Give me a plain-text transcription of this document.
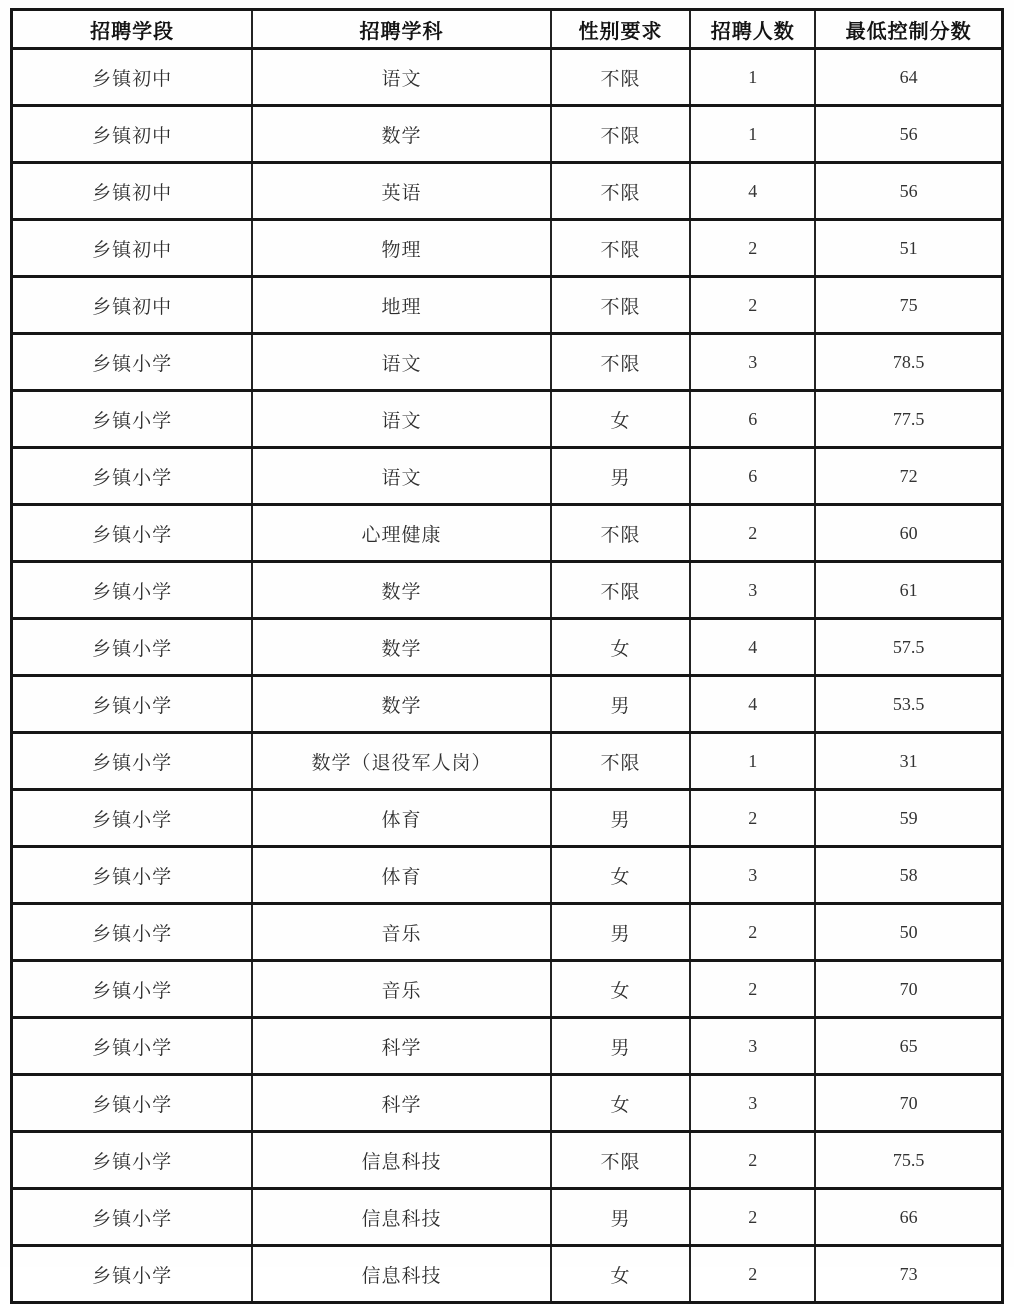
招聘学段	招聘学科	性别要求	招聘人数	最低控制分数
乡镇初中	语文	不限	1	64
乡镇初中	数学	不限	1	56
乡镇初中	英语	不限	4	56
乡镇初中	物理	不限	2	51
乡镇初中	地理	不限	2	75
乡镇小学	语文	不限	3	78.5
乡镇小学	语文	女	6	77.5
乡镇小学	语文	男	6	72
乡镇小学	心理健康	不限	2	60
乡镇小学	数学	不限	3	61
乡镇小学	数学	女	4	57.5
乡镇小学	数学	男	4	53.5
乡镇小学	数学（退役军人岗）	不限	1	31
乡镇小学	体育	男	2	59
乡镇小学	体育	女	3	58
乡镇小学	音乐	男	2	50
乡镇小学	音乐	女	2	70
乡镇小学	科学	男	3	65
乡镇小学	科学	女	3	70
乡镇小学	信息科技	不限	2	75.5
乡镇小学	信息科技	男	2	66
乡镇小学	信息科技	女	2	73
